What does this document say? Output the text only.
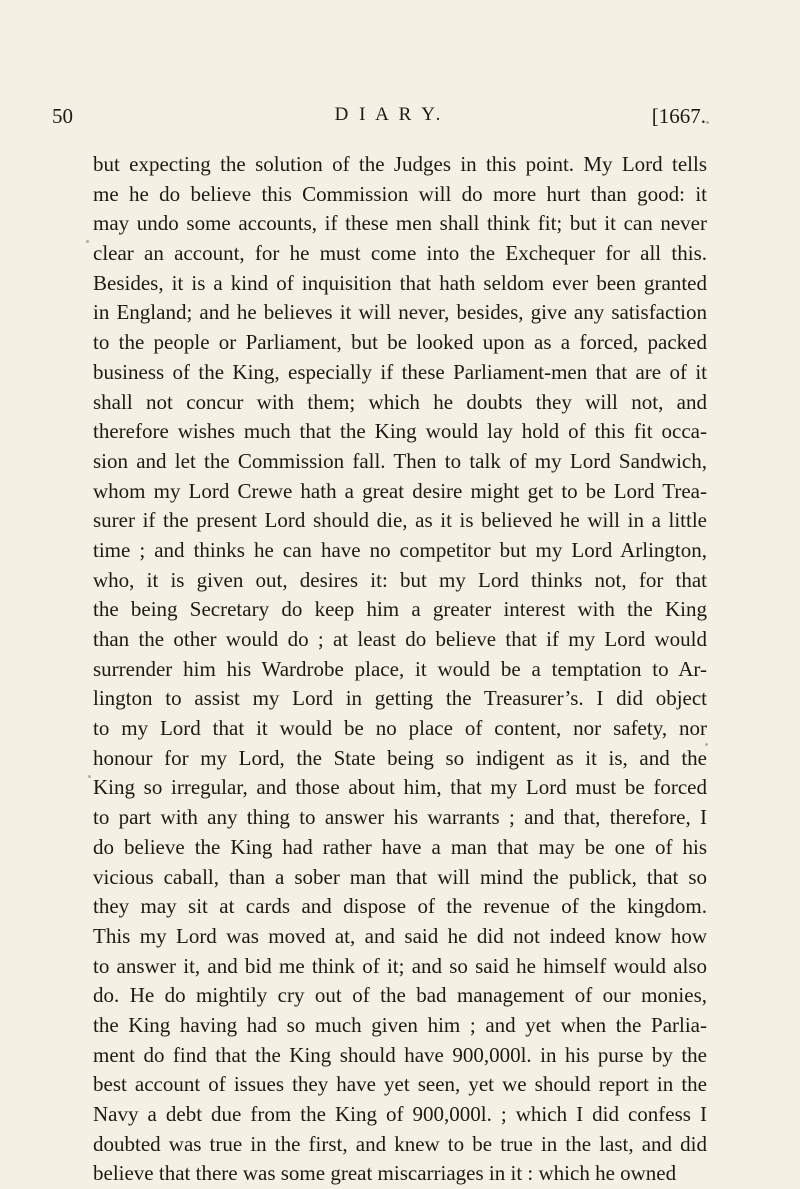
50	D I A R Y.	[1667.
but expecting the solution of the Judges in this point. My Lord tells
me he do believe this Commission will do more hurt than good: it
may undo some accounts, if these men shall think fit; but it can never
clear an account, for he must come into the Exchequer for all this.
Besides, it is a kind of inquisition that hath seldom ever been granted
in England; and he believes it will never, besides, give any satisfaction
to the people or Parliament, but be looked upon as a forced, packed
business of the King, especially if these Parliament-men that are of it
shall not concur with them; which he doubts they will not, and
therefore wishes much that the King would lay hold of this fit occa-
sion and let the Commission fall. Then to talk of my Lord Sandwich,
whom my Lord Crewe hath a great desire might get to be Lord Trea-
surer if the present Lord should die, as it is believed he will in a little
time ; and thinks he can have no competitor but my Lord Arlington,
who, it is given out, desires it: but my Lord thinks not, for that
the being Secretary do keep him a greater interest with the King
than the other would do ; at least do believe that if my Lord would
surrender him his Wardrobe place, it would be a temptation to Ar-
lington to assist my Lord in getting the Treasurer’s. I did object
to my Lord that it would be no place of content, nor safety, nor
honour for my Lord, the State being so indigent as it is, and the
King so irregular, and those about him, that my Lord must be forced
to part with any thing to answer his warrants ; and that, therefore, I
do believe the King had rather have a man that may be one of his
vicious caball, than a sober man that will mind the publick, that so
they may sit at cards and dispose of the revenue of the kingdom.
This my Lord was moved at, and said he did not indeed know how
to answer it, and bid me think of it; and so said he himself would also
do. He do mightily cry out of the bad management of our monies,
the King having had so much given him ; and yet when the Parlia-
ment do find that the King should have 900,000l. in his purse by the
best account of issues they have yet seen, yet we should report in the
Navy a debt due from the King of 900,000l. ; which I did confess I
doubted was true in the first, and knew to be true in the last, and did
believe that there was some great miscarriages in it : which he owned
